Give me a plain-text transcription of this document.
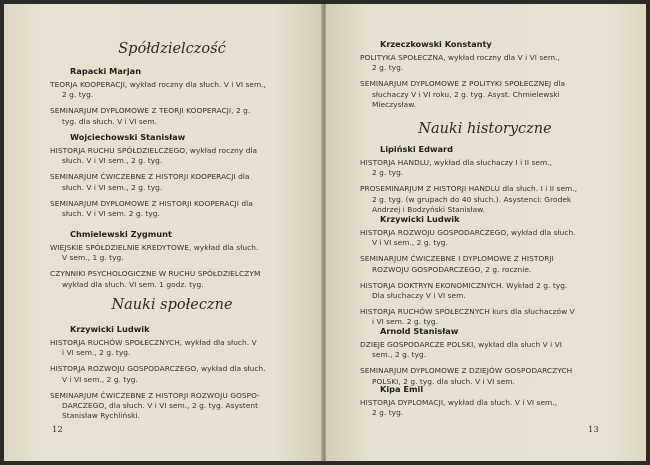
Spółdzielczość
Rapacki Marjan
TEORJA KOOPERACJI, wykład roczny dla słuch. V i VI sem.,
2 g. tyg.
SEMINARJUM DYPLOMOWE Z TEORJI KOOPERACJI, 2 g.
tyg. dla słuch. V i VI sem.
Wojciechowski Stanisław
HISTORJA RUCHU SPÓŁDZIELCZEGO, wykład roczny dla
słuch. V i VI sem., 2 g. tyg.
SEMINARJUM ĆWICZEBNE Z HISTORJI KOOPERACJI dla
słuch. V i VI sem., 2 g. tyg.
SEMINARJUM DYPLOMOWE Z HISTORJI KOOPERACJI dla
słuch. V i VI sem. 2 g. tyg.
Chmielewski Zygmunt
WIEJSKIE SPÓŁDZIELNIE KREDYTOWE, wykład dla słuch.
V sem., 1 g. tyg.
CZYNNIKI PSYCHOLOGICZNE W RUCHU SPÓŁDZIELCZYM
wykład dla słuch. VI sem. 1 godz. tyg.
Nauki społeczne
Krzywicki Ludwik
HISTORJA RUCHÓW SPOŁECZNYCH, wykład dla słuch. V
i VI sem., 2 g. tyg.
HISTORJA ROZWOJU GOSPODARCZEGO, wykład dla słuch.
V i VI sem., 2 g. tyg.
SEMINARJUM ĆWICZEBNE Z HISTORJI ROZWOJU GOSPO-
DARCZEGO, dla słuch. V i VI sem., 2 g. tyg. Asystent
Stanisław Rychliński.
12
Krzeczkowski Konstanty
POLITYKA SPOŁECZNA, wykład roczny dla V i VI sem.,
2 g. tyg.
SEMINARJUM DYPLOMOWE Z POLITYKI SPOŁECZNEJ dla
słuchaczy V i VI roku, 2 g. tyg. Asyst. Chmielewski
Mieczysław.
Nauki historyczne
Lipiński Edward
HISTORJA HANDLU, wykład dla słuchaczy I i II sem.,
2 g. tyg.
PROSEMINARJUM Z HISTORJI HANDLU dla słuch. I i II sem.,
2 g. tyg. (w grupach do 40 słuch.). Asystenci: Grodek
Andrzej i Bodzyński Stanisław.
Krzywicki Ludwik
HISTORJA ROZWOJU GOSPODARCZEGO, wykład dla słuch.
V i VI sem., 2 g. tyg.
SEMINARJUM ĆWICZEBNE I DYPLOMOWE Z HISTORJI
ROZWOJU GOSPODARCZEGO, 2 g. rocznie.
HISTORJA DOKTRYN EKONOMICZNYCH. Wykład 2 g. tyg.
Dla słuchaczy V i VI sem.
HISTORJA RUCHÓW SPOŁECZNYCH kurs dla słuchaczów V
i VI sem. 2 g. tyg.
Arnold Stanisław
DZIEJE GOSPODARCZE POLSKI, wykład dla słuch V i VI
sem., 2 g. tyg.
SEMINARJUM DYPLOMOWE Z DZIEJÓW GOSPODARCZYCH
POLSKI, 2 g. tyg. dla słuch. V i VI sem.
Kipa Emil
HISTORJA DYPLOMACJI, wykład dla słuch. V i VI sem.,
2 g. tyg.
13
